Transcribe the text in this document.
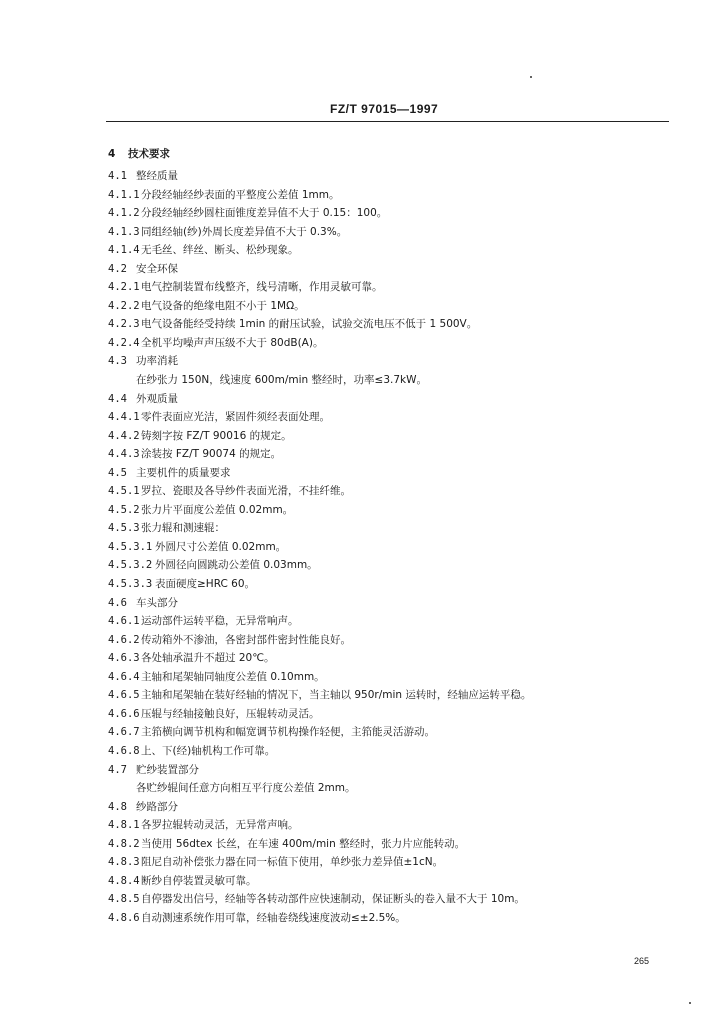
FZ/T 97015—1997
4 技术要求
4.1 整经质量
4.1.1 分段经轴经纱表面的平整度公差值 1mm。
4.1.2 分段经轴经纱圆柱面锥度差异值不大于 0.15：100。
4.1.3 同组经轴(纱)外周长度差异值不大于 0.3%。
4.1.4 无毛丝、绊丝、断头、松纱现象。
4.2 安全环保
4.2.1 电气控制装置布线整齐，线号清晰，作用灵敏可靠。
4.2.2 电气设备的绝缘电阻不小于 1MΩ。
4.2.3 电气设备能经受持续 1min 的耐压试验，试验交流电压不低于 1 500V。
4.2.4 全机平均噪声声压级不大于 80dB(A)。
4.3 功率消耗
在纱张力 150N，线速度 600m/min 整经时，功率≤3.7kW。
4.4 外观质量
4.4.1 零件表面应光洁，紧固件须经表面处理。
4.4.2 铸刻字按 FZ/T 90016 的规定。
4.4.3 涂装按 FZ/T 90074 的规定。
4.5 主要机件的质量要求
4.5.1 罗拉、瓷眼及各导纱件表面光滑，不挂纤维。
4.5.2 张力片平面度公差值 0.02mm。
4.5.3 张力辊和测速辊：
4.5.3.1 外圆尺寸公差值 0.02mm。
4.5.3.2 外圆径向圆跳动公差值 0.03mm。
4.5.3.3 表面硬度≥HRC 60。
4.6 车头部分
4.6.1 运动部件运转平稳，无异常响声。
4.6.2 传动箱外不渗油，各密封部件密封性能良好。
4.6.3 各处轴承温升不超过 20℃。
4.6.4 主轴和尾架轴同轴度公差值 0.10mm。
4.6.5 主轴和尾架轴在装好经轴的情况下，当主轴以 950r/min 运转时，经轴应运转平稳。
4.6.6 压辊与经轴接触良好，压辊转动灵活。
4.6.7 主筘横向调节机构和幅宽调节机构操作轻便，主筘能灵活游动。
4.6.8 上、下(经)轴机构工作可靠。
4.7 贮纱装置部分
各贮纱辊间任意方向相互平行度公差值 2mm。
4.8 纱路部分
4.8.1 各罗拉辊转动灵活，无异常声响。
4.8.2 当使用 56dtex 长丝，在车速 400m/min 整经时，张力片应能转动。
4.8.3 阻尼自动补偿张力器在同一标值下使用，单纱张力差异值±1cN。
4.8.4 断纱自停装置灵敏可靠。
4.8.5 自停器发出信号，经轴等各转动部件应快速制动，保证断头的卷入量不大于 10m。
4.8.6 自动测速系统作用可靠，经轴卷绕线速度波动≤±2.5%。
265
